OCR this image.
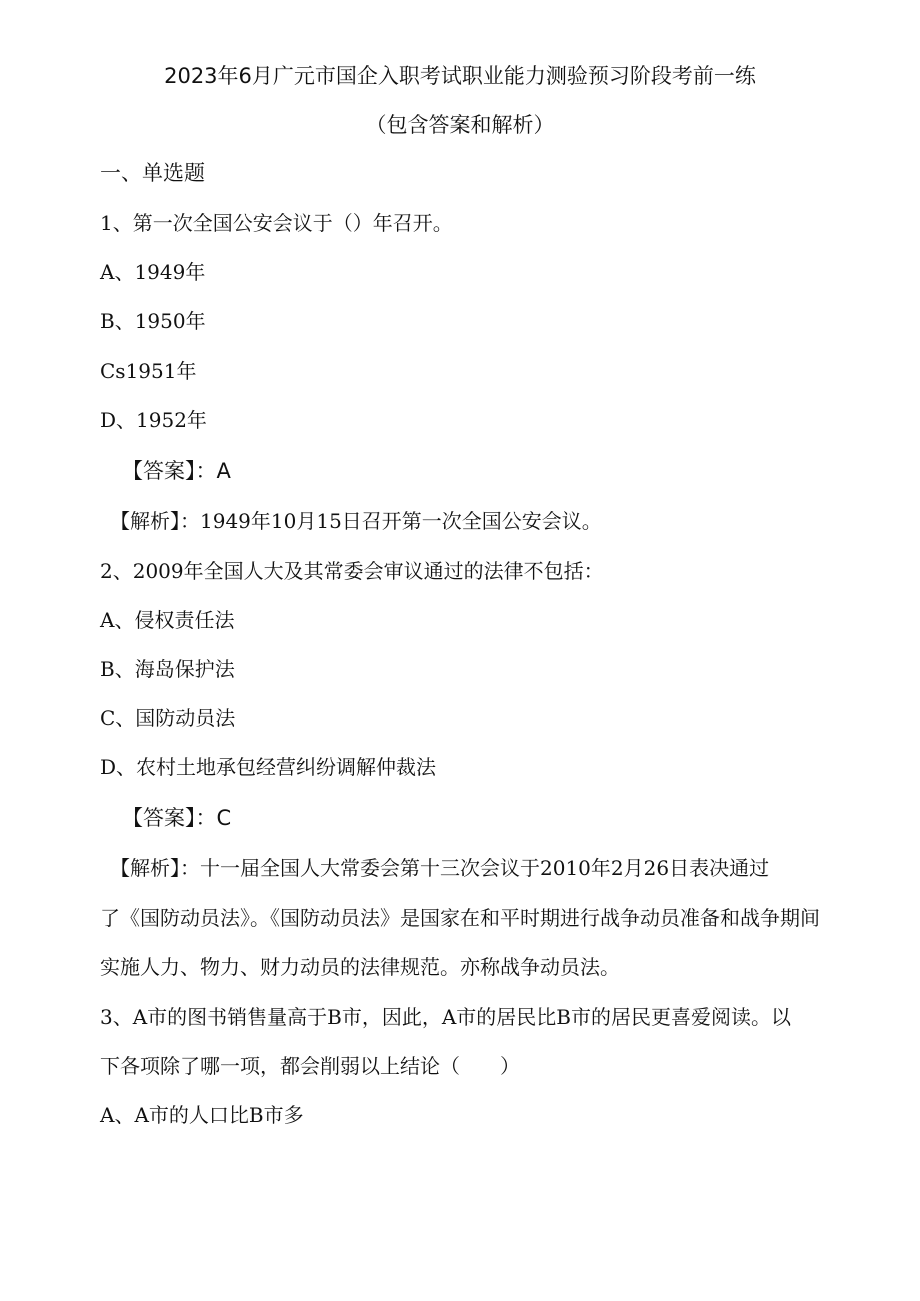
2023年6月广元市国企入职考试职业能力测验预习阶段考前一练
（包含答案和解析）
一、单选题
1、第一次全国公安会议于（）年召开。
A、1949年
B、1950年
Cs1951年
D、1952年
【答案】：A
【解析】：1949年10月15日召开第一次全国公安会议。
2、2009年全国人大及其常委会审议通过的法律不包括：
A、侵权责任法
B、海岛保护法
C、国防动员法
D、农村土地承包经营纠纷调解仲裁法
【答案】：C
【解析】：十一届全国人大常委会第十三次会议于2010年2月26日表决通过
了《国防动员法》。《国防动员法》是国家在和平时期进行战争动员准备和战争期间
实施人力、物力、财力动员的法律规范。亦称战争动员法。
3、A市的图书销售量高于B市，因此，A市的居民比B市的居民更喜爱阅读。以
下各项除了哪一项，都会削弱以上结论（　　）
A、A市的人口比B市多
